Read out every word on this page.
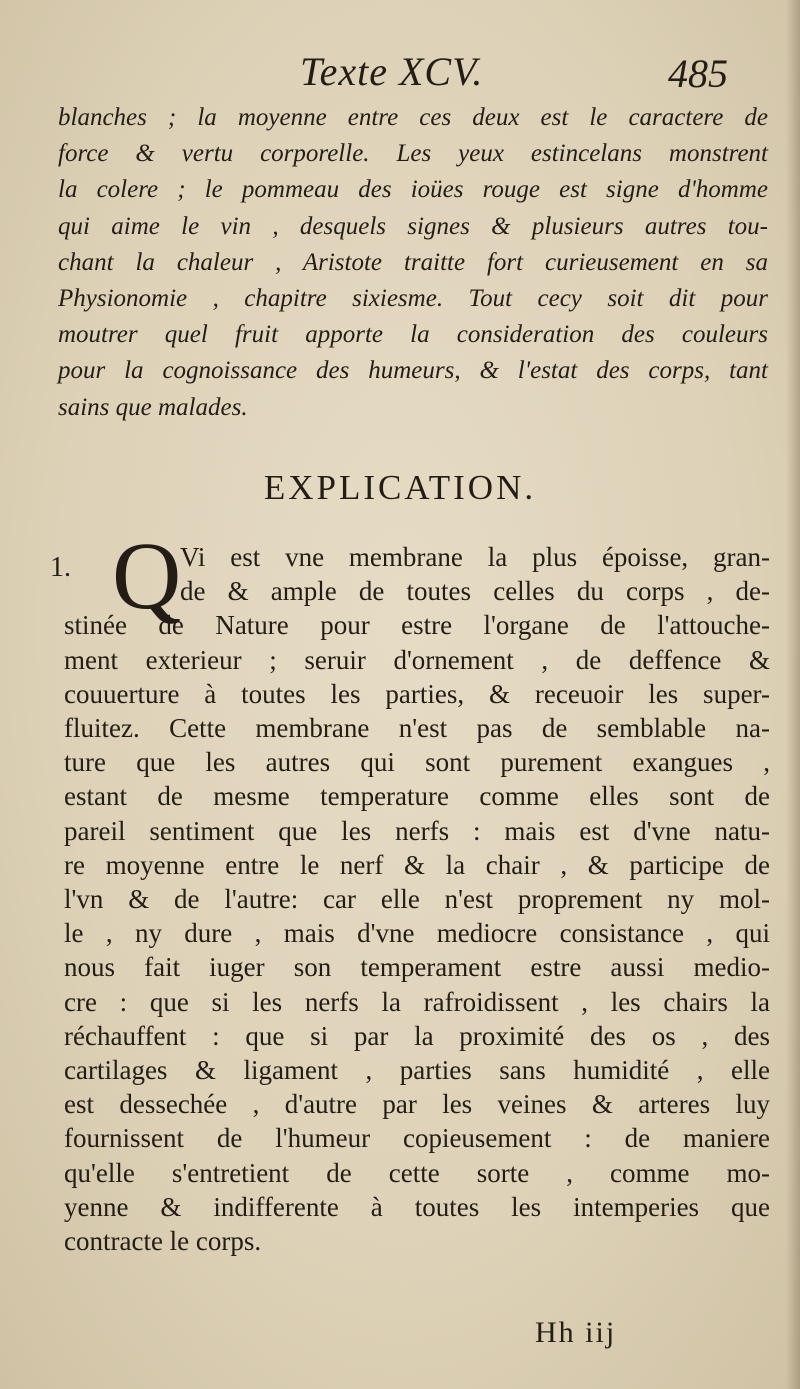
Texte XCV.	485
blanches ; la moyenne entre ces deux est le caractere de
force & vertu corporelle. Les yeux estincelans monstrent
la colere ; le pommeau des ioües rouge est signe d'homme
qui aime le vin , desquels signes & plusieurs autres tou-
chant la chaleur , Aristote traitte fort curieusement en sa
Physionomie , chapitre sixiesme. Tout cecy soit dit pour
moutrer quel fruit apporte la consideration des couleurs
pour la cognoissance des humeurs, & l'estat des corps, tant
sains que malades.
EXPLICATION.
1. Q
Vi est vne membrane la plus époisse, gran-
de & ample de toutes celles du corps , de-
stinée de Nature pour estre l'organe de l'attouche-
ment exterieur ; seruir d'ornement , de deffence &
couuerture à toutes les parties, & receuoir les super-
fluitez. Cette membrane n'est pas de semblable na-
ture que les autres qui sont purement exangues ,
estant de mesme temperature comme elles sont de
pareil sentiment que les nerfs : mais est d'vne natu-
re moyenne entre le nerf & la chair , & participe de
l'vn & de l'autre: car elle n'est proprement ny mol-
le , ny dure , mais d'vne mediocre consistance , qui
nous fait iuger son temperament estre aussi medio-
cre : que si les nerfs la rafroidissent , les chairs la
réchauffent : que si par la proximité des os , des
cartilages & ligament , parties sans humidité , elle
est dessechée , d'autre par les veines & arteres luy
fournissent de l'humeur copieusement : de maniere
qu'elle s'entretient de cette sorte , comme mo-
yenne & indifferente à toutes les intemperies que
contracte le corps.
Hh iij
